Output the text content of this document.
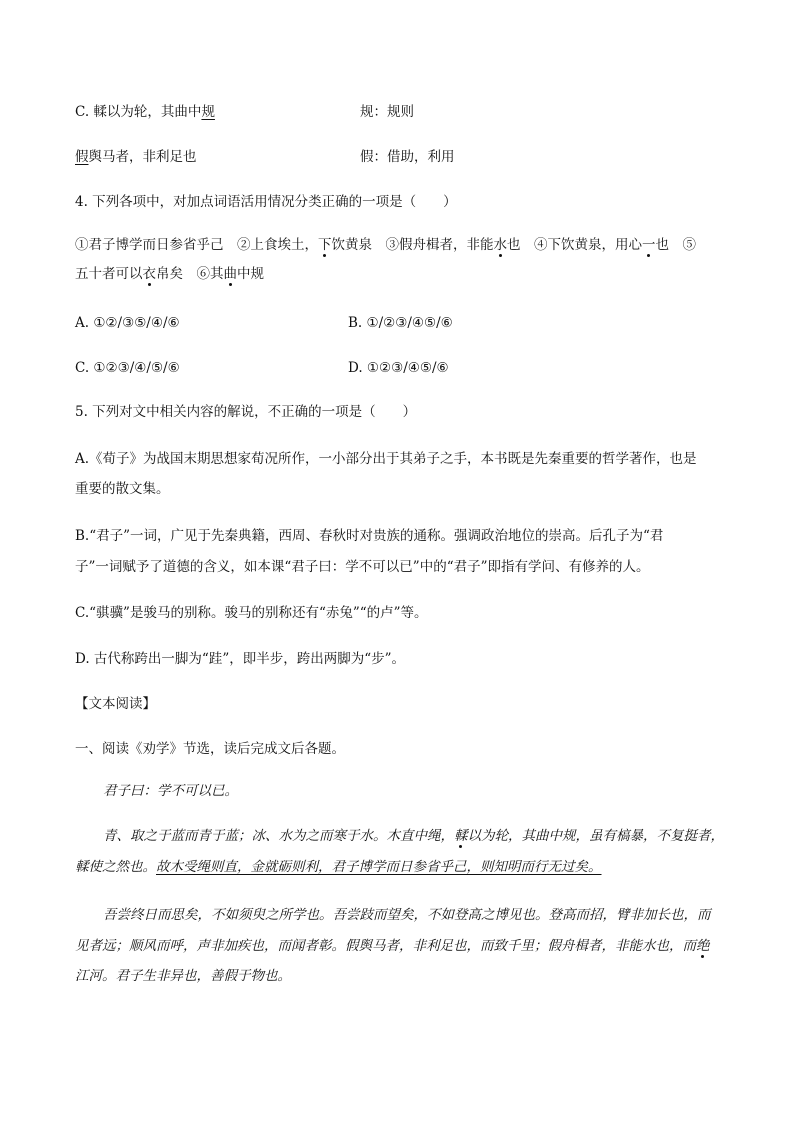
C. 輮以为轮，其曲中规	规：规则
假舆马者，非利足也	假：借助，利用
4. 下列各项中，对加点词语活用情况分类正确的一项是（　　）
①君子博学而日参省乎己　②上食埃土，下饮黄泉　③假舟楫者，非能水也　④下饮黄泉，用心一也　⑤
五十者可以衣帛矣　⑥其曲中规
A. ①②/③⑤/④/⑥	B. ①/②③/④⑤/⑥
C. ①②③/④/⑤/⑥	D. ①②③/④⑤/⑥
5. 下列对文中相关内容的解说，不正确的一项是（　　）
A.《荀子》为战国末期思想家荀况所作，一小部分出于其弟子之手，本书既是先秦重要的哲学著作，也是
重要的散文集。
B.“君子”一词，广见于先秦典籍，西周、春秋时对贵族的通称。强调政治地位的崇高。后孔子为“君
子”一词赋予了道德的含义，如本课“君子曰：学不可以已”中的“君子”即指有学问、有修养的人。
C.“骐骥”是骏马的别称。骏马的别称还有“赤兔”“的卢”等。
D. 古代称跨出一脚为“跬”，即半步，跨出两脚为“步”。
【文本阅读】
一、阅读《劝学》节选，读后完成文后各题。
君子曰：学不可以已。
青、取之于蓝而青于蓝；冰、水为之而寒于水。木直中绳，輮以为轮，其曲中规，虽有槁暴，不复挺者，
輮使之然也。故木受绳则直，金就砺则利，君子博学而日参省乎己，则知明而行无过矣。
吾尝终日而思矣，不如须臾之所学也。吾尝跂而望矣，不如登高之博见也。登高而招，臂非加长也，而
见者远；顺风而呼，声非加疾也，而闻者彰。假舆马者，非利足也，而致千里；假舟楫者，非能水也，而绝
江河。君子生非异也，善假于物也。
